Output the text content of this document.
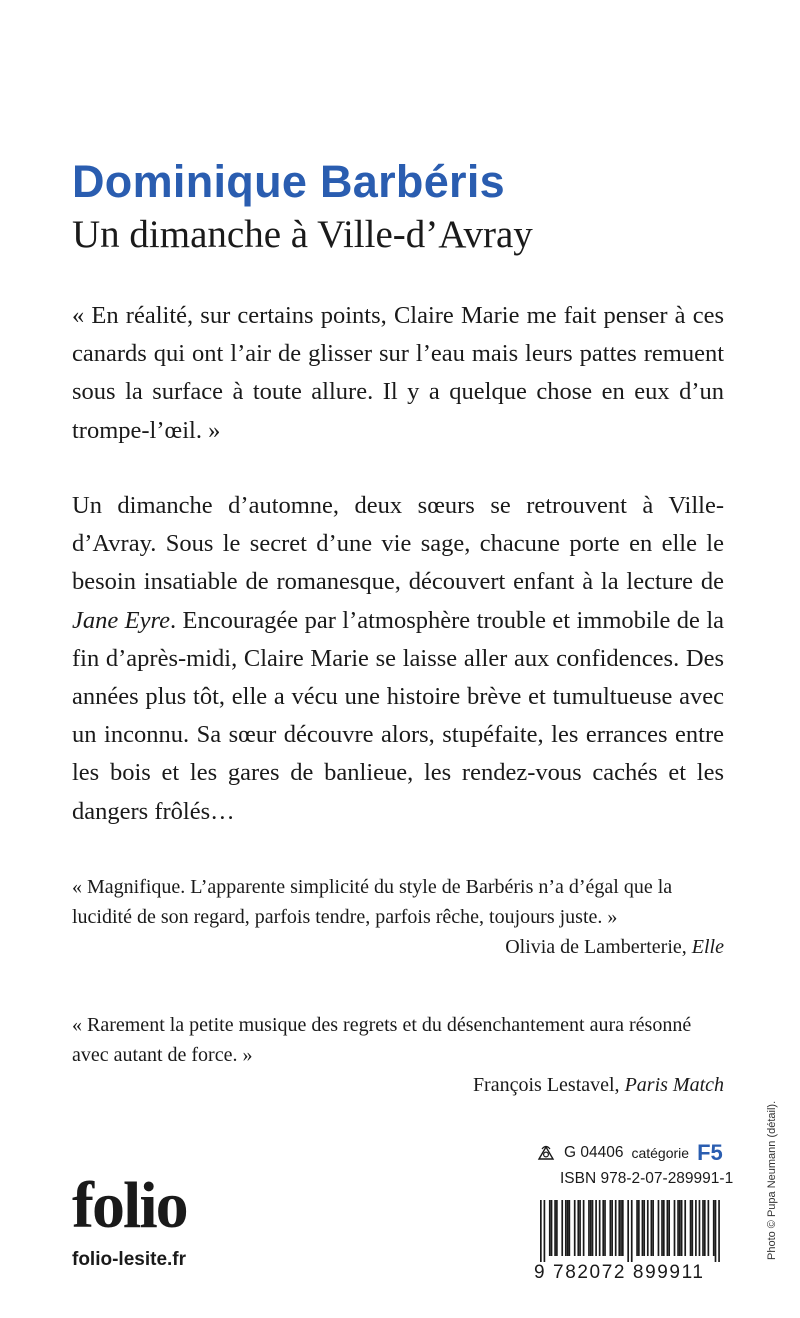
Dominique Barbéris
Un dimanche à Ville-d’Avray
« En réalité, sur certains points, Claire Marie me fait penser à ces canards qui ont l’air de glisser sur l’eau mais leurs pattes remuent sous la surface à toute allure. Il y a quelque chose en eux d’un trompe-l’œil. »
Un dimanche d’automne, deux sœurs se retrouvent à Ville-d’Avray. Sous le secret d’une vie sage, chacune porte en elle le besoin insatiable de romanesque, découvert enfant à la lecture de Jane Eyre. Encouragée par l’atmosphère trouble et immobile de la fin d’après-midi, Claire Marie se laisse aller aux confidences. Des années plus tôt, elle a vécu une histoire brève et tumultueuse avec un inconnu. Sa sœur découvre alors, stupéfaite, les errances entre les bois et les gares de banlieue, les rendez-vous cachés et les dangers frôlés…
« Magnifique. L’apparente simplicité du style de Barbéris n’a d’égal que la lucidité de son regard, parfois tendre, parfois rêche, toujours juste. »
Olivia de Lamberterie, Elle
« Rarement la petite musique des regrets et du désenchantement aura résonné avec autant de force. »
François Lestavel, Paris Match
G 04406 catégorie F5
ISBN 978-2-07-289991-1
folio
folio-lesite.fr
9 782072 899911
Photo © Pupa Neumann (détail).
